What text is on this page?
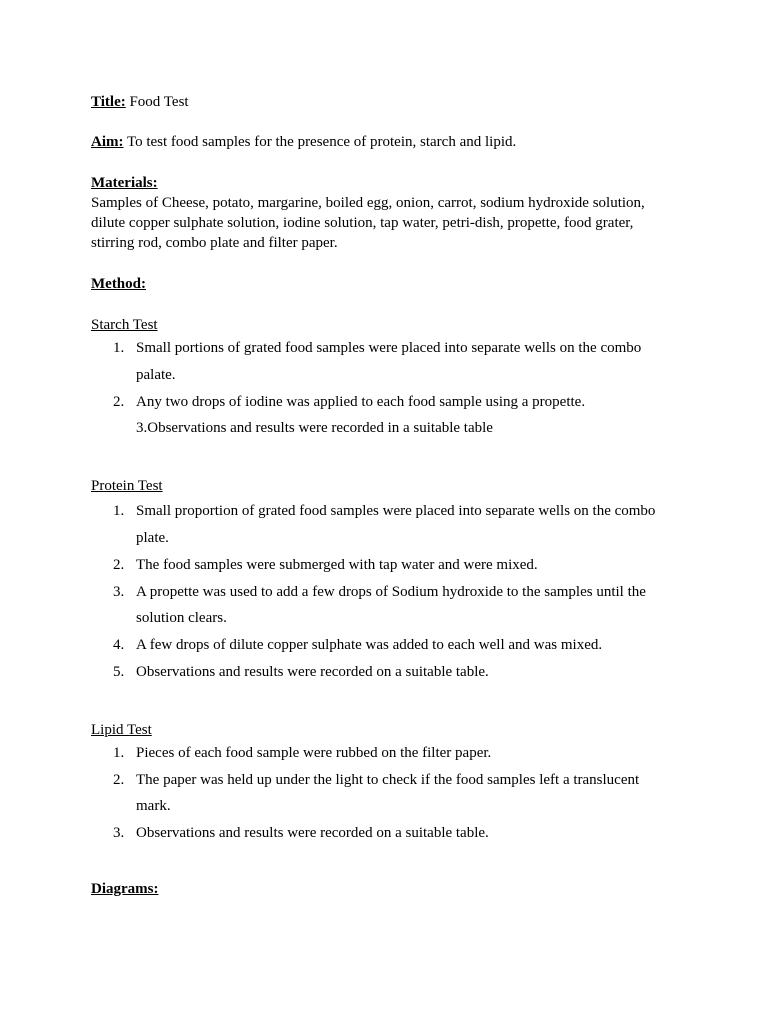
Title: Food Test

Aim: To test food samples for the presence of protein, starch and lipid.

Materials:

Samples of Cheese, potato, margarine, boiled egg, onion, carrot, sodium hydroxide solution, dilute copper sulphate solution, iodine solution, tap water, petri-dish, propette, food grater, stirring rod, combo plate and filter paper.

Method:

Starch Test

1. Small portions of grated food samples were placed into separate wells on the combo palate.
2. Any two drops of iodine was applied to each food sample using a propette.

3.Observations and results were recorded in a suitable table

Protein Test

1. Small proportion of grated food samples were placed into separate wells on the combo plate.
2. The food samples were submerged with tap water and were mixed.
3. A propette was used to add a few drops of Sodium hydroxide to the samples until the solution clears.
4. A few drops of dilute copper sulphate was added to each well and was mixed.
5. Observations and results were recorded on a suitable table.

Lipid Test

1. Pieces of each food sample were rubbed on the filter paper.
2. The paper was held up under the light to check if the food samples left a translucent mark.
3. Observations and results were recorded on a suitable table.

Diagrams:
